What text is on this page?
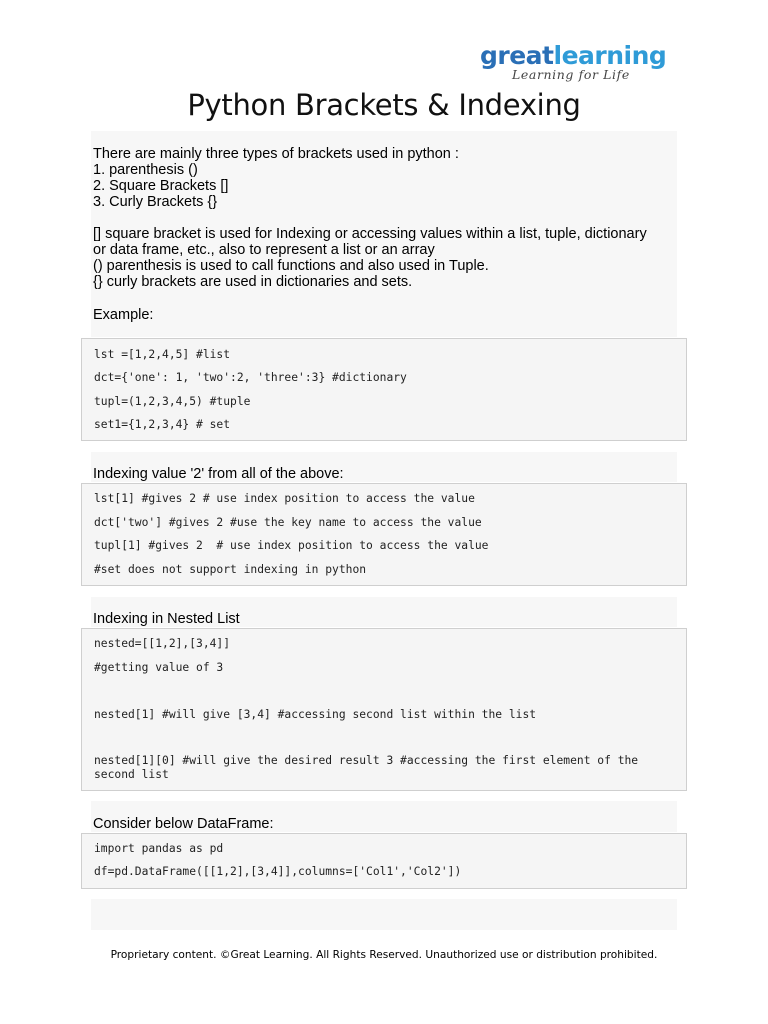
greatlearning
Learning for Life
Python Brackets & Indexing
There are mainly three types of brackets used in python :
1. parenthesis ()
2. Square Brackets []
3. Curly Brackets {}
[] square bracket is used for Indexing or accessing values within a list, tuple, dictionary
or data frame, etc., also to represent a list or an array
() parenthesis is used to call functions and also used in Tuple.
{} curly brackets are used in dictionaries and sets.
Example:
lst =[1,2,4,5] #list
dct={'one': 1, 'two':2, 'three':3} #dictionary
tupl=(1,2,3,4,5) #tuple
set1={1,2,3,4} # set
Indexing value '2' from all of the above:
lst[1] #gives 2 # use index position to access the value
dct['two'] #gives 2 #use the key name to access the value
tupl[1] #gives 2  # use index position to access the value
#set does not support indexing in python
Indexing in Nested List
nested=[[1,2],[3,4]]
#getting value of 3
nested[1] #will give [3,4] #accessing second list within the list
nested[1][0] #will give the desired result 3 #accessing the first element of the
second list
Consider below DataFrame:
import pandas as pd
df=pd.DataFrame([[1,2],[3,4]],columns=['Col1','Col2'])
Proprietary content. ©Great Learning. All Rights Reserved. Unauthorized use or distribution prohibited.
